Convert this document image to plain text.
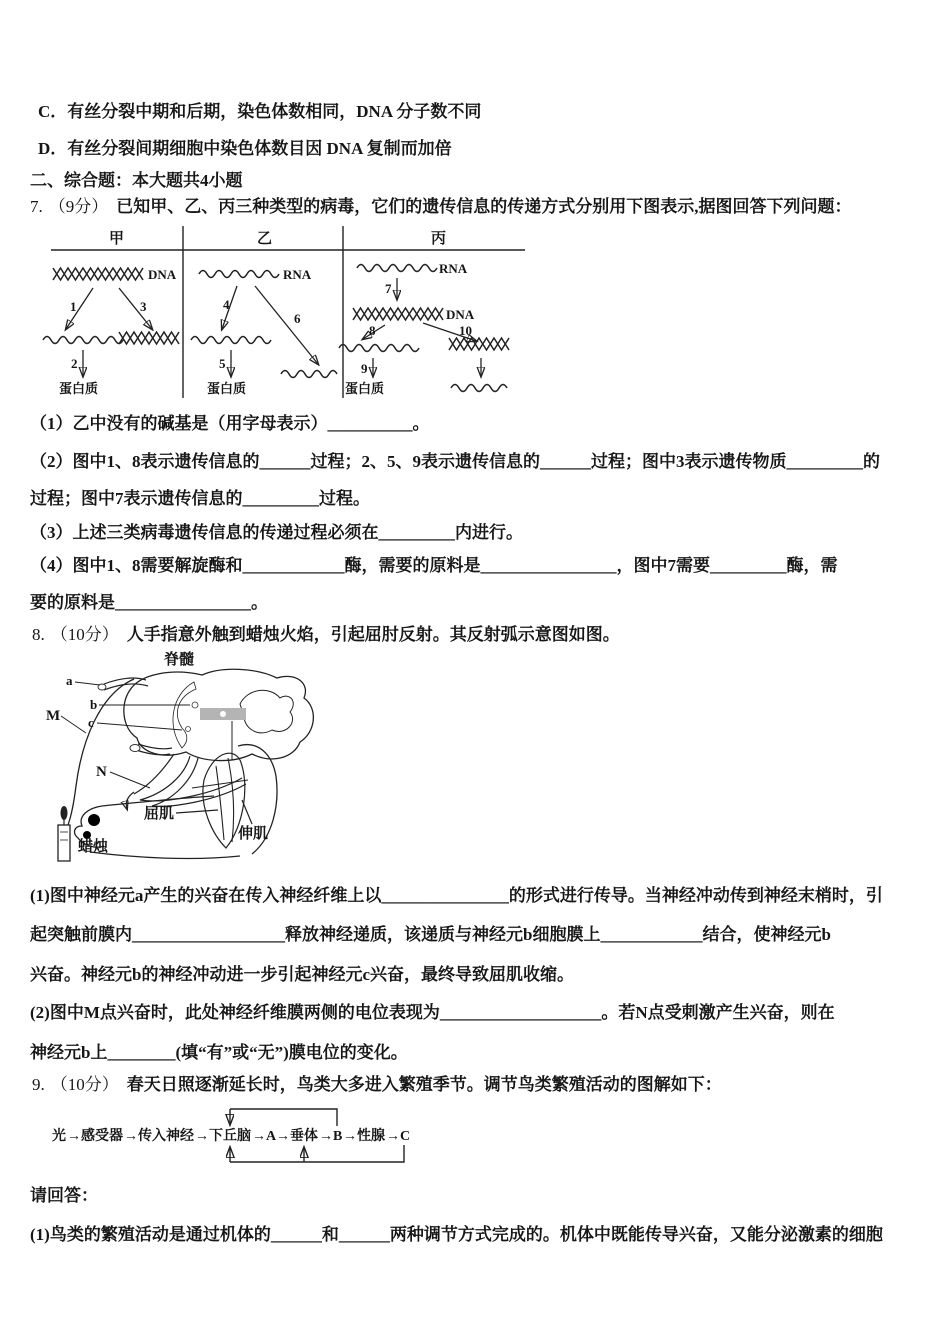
C．有丝分裂中期和后期，染色体数相同，DNA 分子数不同
D．有丝分裂间期细胞中染色体数目因 DNA 复制而加倍
二、综合题：本大题共4小题
7. （9分） 已知甲、乙、丙三种类型的病毒，它们的遗传信息的传递方式分别用下图表示,据图回答下列问题：
甲	乙	丙
DNA
1	3
2
蛋白质
RNA
4
6
5
蛋白质
RNA
7
DNA
8	10
9
蛋白质
（1）乙中没有的碱基是（用字母表示）__________。
（2）图中1、8表示遗传信息的______过程；2、5、9表示遗传信息的______过程；图中3表示遗传物质_________的
过程；图中7表示遗传信息的_________过程。
（3）上述三类病毒遗传信息的传递过程必须在_________内进行。
（4）图中1、8需要解旋酶和____________酶，需要的原料是________________，图中7需要_________酶，需
要的原料是________________。
8. （10分） 人手指意外触到蜡烛火焰，引起屈肘反射。其反射弧示意图如图。
脊髓
a
b
c
M
N
屈肌
伸肌
蜡烛
(1)图中神经元a产生的兴奋在传入神经纤维上以_______________的形式进行传导。当神经冲动传到神经末梢时，引
起突触前膜内__________________释放神经递质，该递质与神经元b细胞膜上____________结合，使神经元b
兴奋。神经元b的神经冲动进一步引起神经元c兴奋，最终导致屈肌收缩。
(2)图中M点兴奋时，此处神经纤维膜两侧的电位表现为___________________。若N点受刺激产生兴奋，则在
神经元b上________(填“有”或“无”)膜电位的变化。
9. （10分） 春天日照逐渐延长时，鸟类大多进入繁殖季节。调节鸟类繁殖活动的图解如下：
光 → 感受器 → 传入神经 → 下丘脑 → A → 垂体 → B → 性腺 → C
请回答：
(1)鸟类的繁殖活动是通过机体的______和______两种调节方式完成的。机体中既能传导兴奋，又能分泌激素的细胞
